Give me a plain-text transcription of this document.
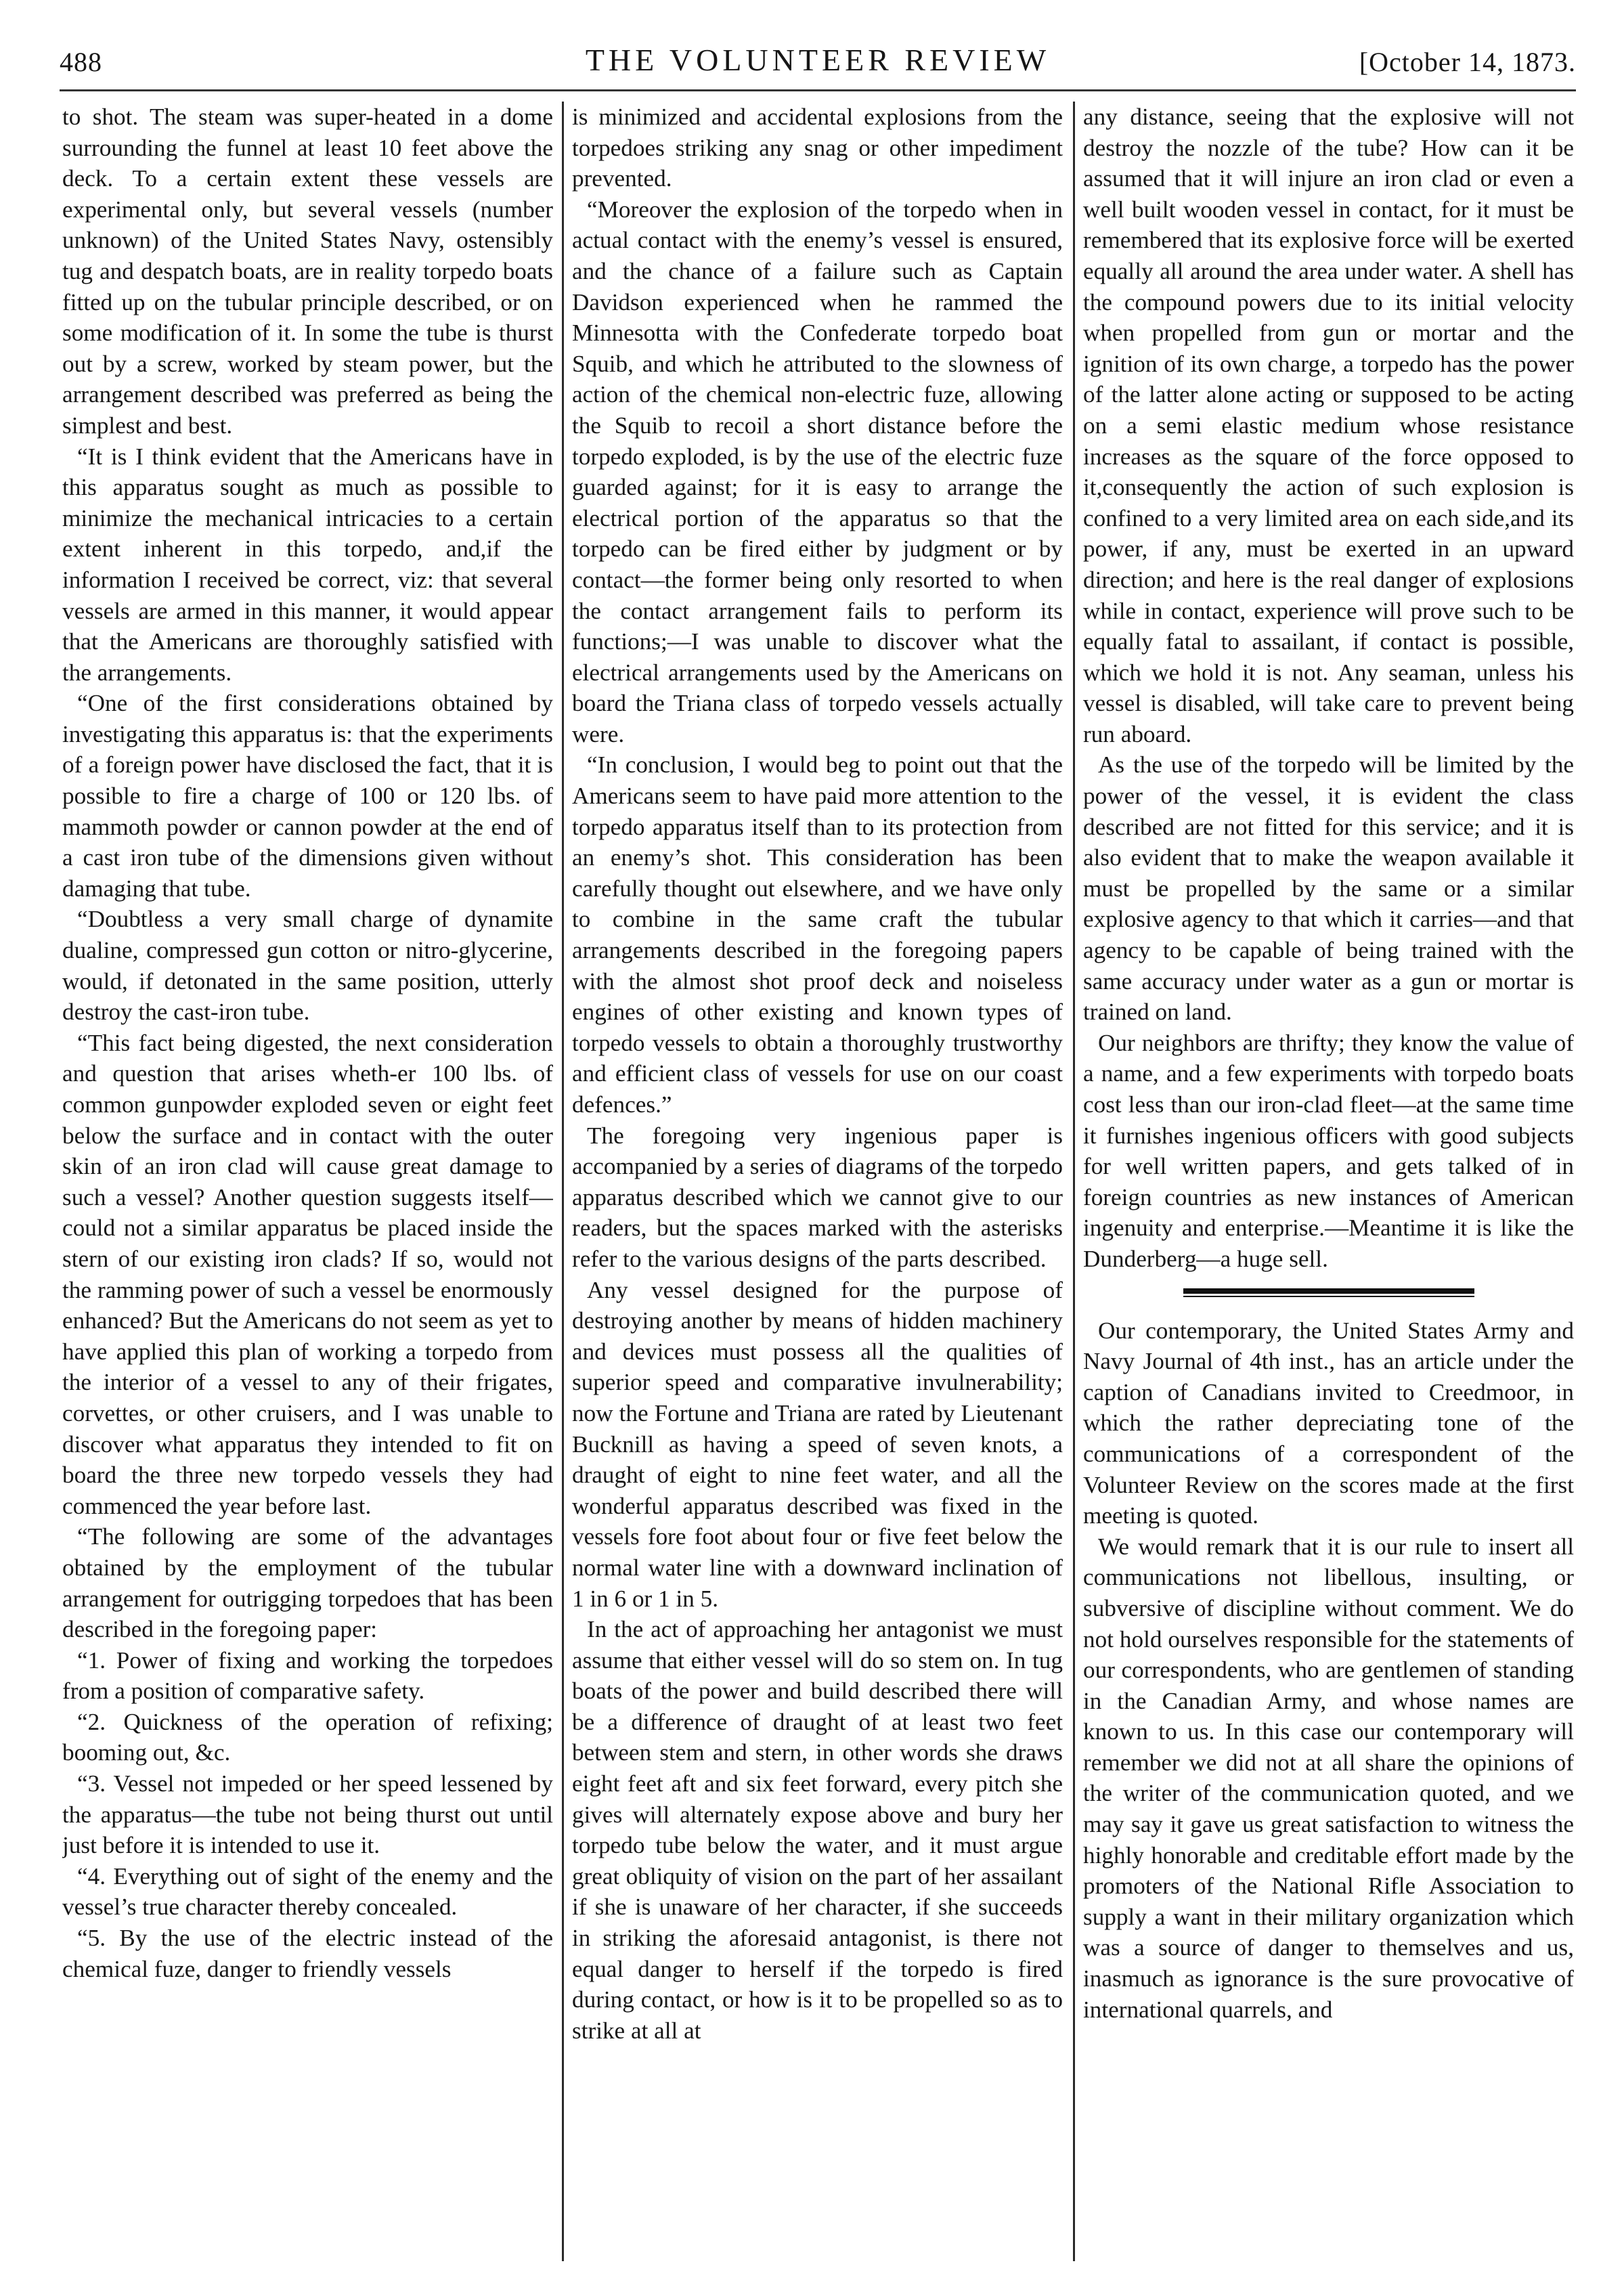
488	THE VOLUNTEER REVIEW	[October 14, 1873.

to shot. The steam was super-heated in a dome surrounding the funnel at least 10 feet above the deck. To a certain extent these vessels are experimental only, but several vessels (number unknown) of the United States Navy, ostensibly tug and despatch boats, are in reality torpedo boats fitted up on the tubular principle described, or on some modification of it. In some the tube is thurst out by a screw, worked by steam power, but the arrangement described was preferred as being the simplest and best.

“It is I think evident that the Americans have in this apparatus sought as much as possible to minimize the mechanical intricacies to a certain extent inherent in this torpedo, and,if the information I received be correct, viz: that several vessels are armed in this manner, it would appear that the Americans are thoroughly satisfied with the arrangements.

“One of the first considerations obtained by investigating this apparatus is: that the experiments of a foreign power have disclosed the fact, that it is possible to fire a charge of 100 or 120 lbs. of mammoth powder or cannon powder at the end of a cast iron tube of the dimensions given without damaging that tube.

“Doubtless a very small charge of dynamite dualine, compressed gun cotton or nitro-glycerine, would, if detonated in the same position, utterly destroy the cast-iron tube.

“This fact being digested, the next consideration and question that arises wheth-er 100 lbs. of common gunpowder exploded seven or eight feet below the surface and in contact with the outer skin of an iron clad will cause great damage to such a vessel? Another question suggests itself—could not a similar apparatus be placed inside the stern of our existing iron clads? If so, would not the ramming power of such a vessel be enormously enhanced? But the Americans do not seem as yet to have applied this plan of working a torpedo from the interior of a vessel to any of their frigates, corvettes, or other cruisers, and I was unable to discover what apparatus they intended to fit on board the three new torpedo vessels they had commenced the year before last.

“The following are some of the advantages obtained by the employment of the tubular arrangement for outrigging torpedoes that has been described in the foregoing paper:

“1. Power of fixing and working the torpedoes from a position of comparative safety.

“2. Quickness of the operation of refixing; booming out, &c.

“3. Vessel not impeded or her speed lessened by the apparatus—the tube not being thurst out until just before it is intended to use it.

“4. Everything out of sight of the enemy and the vessel’s true character thereby concealed.

“5. By the use of the electric instead of the chemical fuze, danger to friendly vessels

is minimized and accidental explosions from the torpedoes striking any snag or other impediment prevented.

“Moreover the explosion of the torpedo when in actual contact with the enemy’s vessel is ensured, and the chance of a failure such as Captain Davidson experienced when he rammed the Minnesotta with the Confederate torpedo boat Squib, and which he attributed to the slowness of action of the chemical non-electric fuze, allowing the Squib to recoil a short distance before the torpedo exploded, is by the use of the electric fuze guarded against; for it is easy to arrange the electrical portion of the apparatus so that the torpedo can be fired either by judgment or by contact—the former being only resorted to when the contact arrangement fails to perform its functions;—I was unable to discover what the electrical arrangements used by the Americans on board the Triana class of torpedo vessels actually were.

“In conclusion, I would beg to point out that the Americans seem to have paid more attention to the torpedo apparatus itself than to its protection from an enemy’s shot. This consideration has been carefully thought out elsewhere, and we have only to combine in the same craft the tubular arrangements described in the foregoing papers with the almost shot proof deck and noiseless engines of other existing and known types of torpedo vessels to obtain a thoroughly trustworthy and efficient class of vessels for use on our coast defences.”

The foregoing very ingenious paper is accompanied by a series of diagrams of the torpedo apparatus described which we cannot give to our readers, but the spaces marked with the asterisks refer to the various designs of the parts described.

Any vessel designed for the purpose of destroying another by means of hidden machinery and devices must possess all the qualities of superior speed and comparative invulnerability; now the Fortune and Triana are rated by Lieutenant Bucknill as having a speed of seven knots, a draught of eight to nine feet water, and all the wonderful apparatus described was fixed in the vessels fore foot about four or five feet below the normal water line with a downward inclination of 1 in 6 or 1 in 5.

In the act of approaching her antagonist we must assume that either vessel will do so stem on. In tug boats of the power and build described there will be a difference of draught of at least two feet between stem and stern, in other words she draws eight feet aft and six feet forward, every pitch she gives will alternately expose above and bury her torpedo tube below the water, and it must argue great obliquity of vision on the part of her assailant if she is unaware of her character, if she succeeds in striking the aforesaid antagonist, is there not equal danger to herself if the torpedo is fired during contact, or how is it to be propelled so as to strike at all at

any distance, seeing that the explosive will not destroy the nozzle of the tube? How can it be assumed that it will injure an iron clad or even a well built wooden vessel in contact, for it must be remembered that its explosive force will be exerted equally all around the area under water. A shell has the compound powers due to its initial velocity when propelled from gun or mortar and the ignition of its own charge, a torpedo has the power of the latter alone acting or supposed to be acting on a semi elastic medium whose resistance increases as the square of the force opposed to it,consequently the action of such explosion is confined to a very limited area on each side,and its power, if any, must be exerted in an upward direction; and here is the real danger of explosions while in contact, experience will prove such to be equally fatal to assailant, if contact is possible, which we hold it is not. Any seaman, unless his vessel is disabled, will take care to prevent being run aboard.

As the use of the torpedo will be limited by the power of the vessel, it is evident the class described are not fitted for this service; and it is also evident that to make the weapon available it must be propelled by the same or a similar explosive agency to that which it carries—and that agency to be capable of being trained with the same accuracy under water as a gun or mortar is trained on land.

Our neighbors are thrifty; they know the value of a name, and a few experiments with torpedo boats cost less than our iron-clad fleet—at the same time it furnishes ingenious officers with good subjects for well written papers, and gets talked of in foreign countries as new instances of American ingenuity and enterprise.—Meantime it is like the Dunderberg—a huge sell.

Our contemporary, the United States Army and Navy Journal of 4th inst., has an article under the caption of Canadians invited to Creedmoor, in which the rather depreciating tone of the communications of a correspondent of the Volunteer Review on the scores made at the first meeting is quoted.

We would remark that it is our rule to insert all communications not libellous, insulting, or subversive of discipline without comment. We do not hold ourselves responsible for the statements of our correspondents, who are gentlemen of standing in the Canadian Army, and whose names are known to us. In this case our contemporary will remember we did not at all share the opinions of the writer of the communication quoted, and we may say it gave us great satisfaction to witness the highly honorable and creditable effort made by the promoters of the National Rifle Association to supply a want in their military organization which was a source of danger to themselves and us, inasmuch as ignorance is the sure provocative of international quarrels, and
